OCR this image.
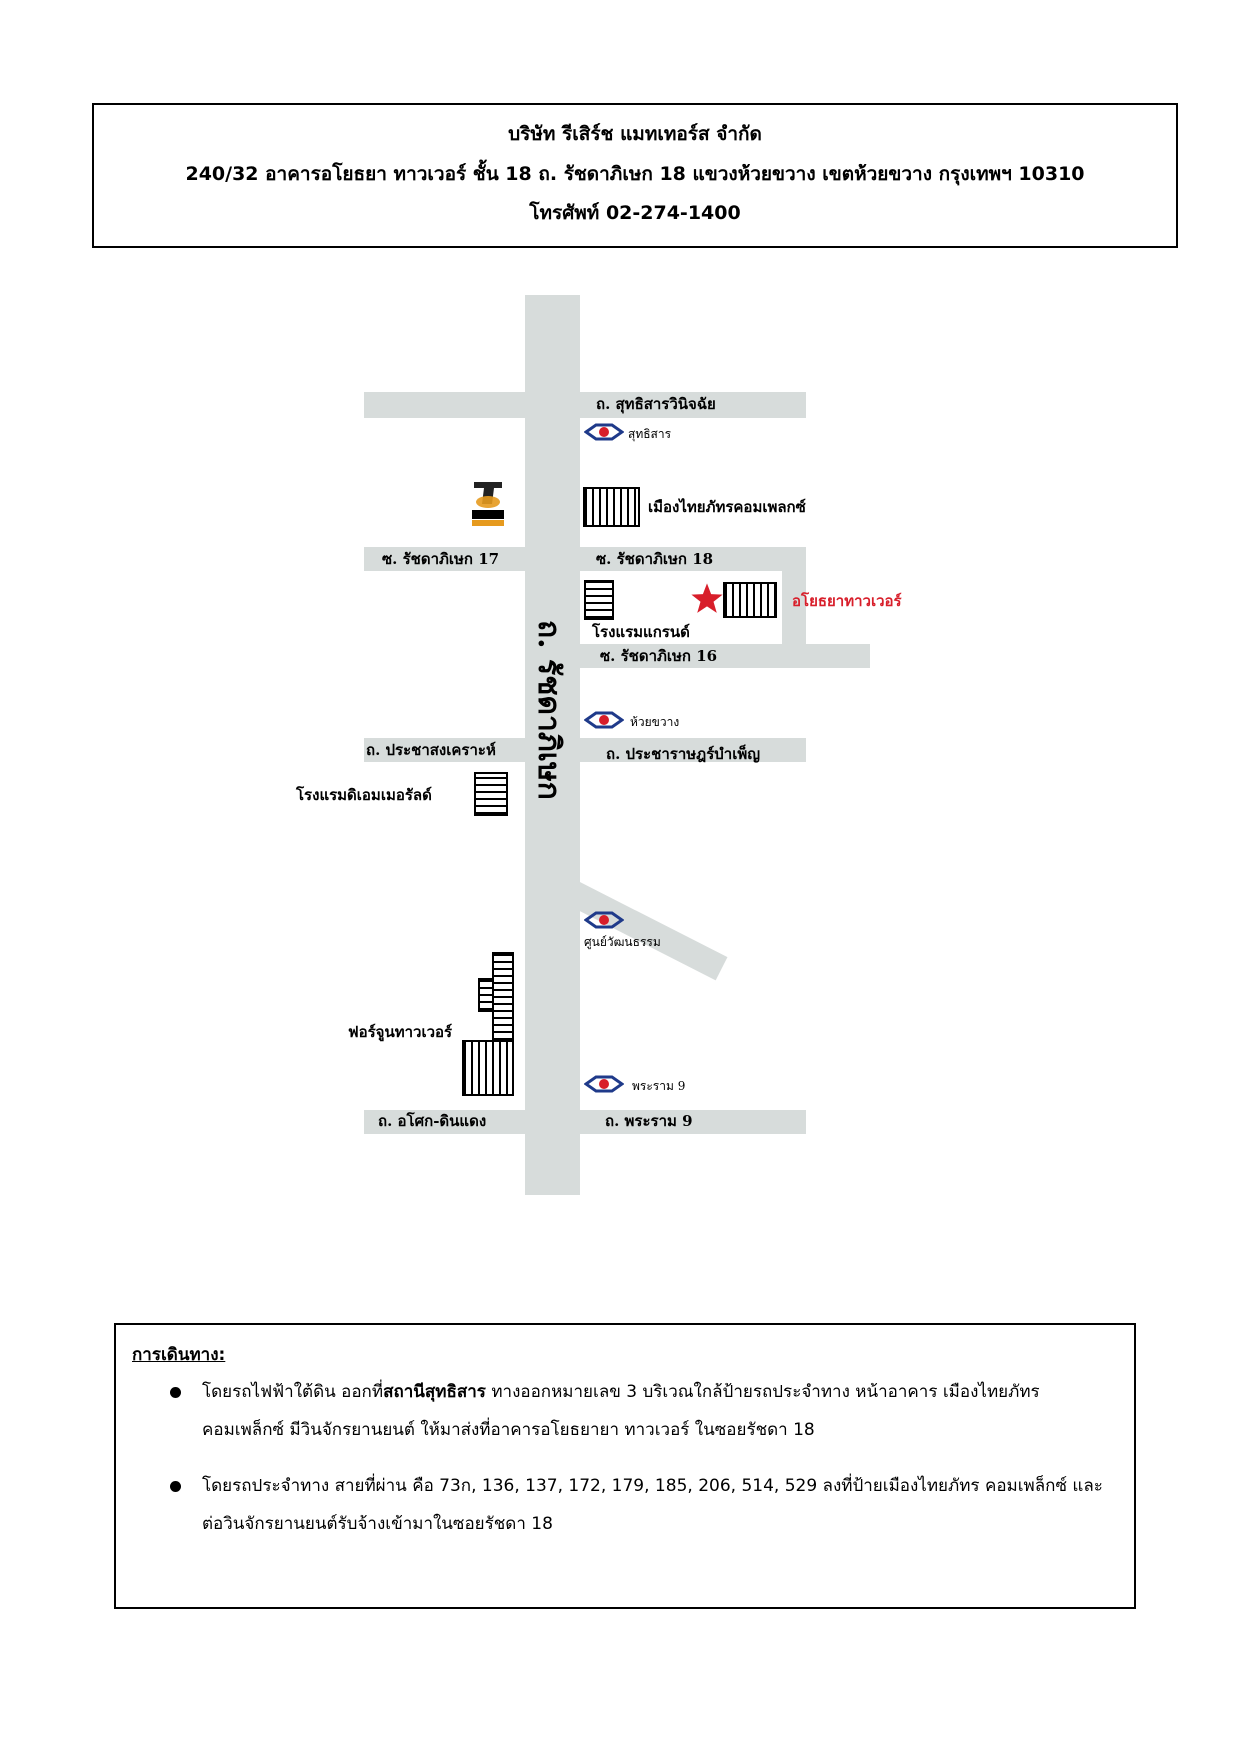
บริษัท รีเสิร์ช แมทเทอร์ส จำกัด
240/32 อาคารอโยธยา ทาวเวอร์ ชั้น 18 ถ. รัชดาภิเษก 18 แขวงห้วยขวาง เขตห้วยขวาง กรุงเทพฯ 10310
โทรศัพท์ 02-274-1400
ถ. รัชดาภิเษก
ถ. สุทธิสารวินิจฉัย
ซ. รัชดาภิเษก 17	ซ. รัชดาภิเษก 18
ซ. รัชดาภิเษก 16
ถ. ประชาสงเคราะห์	ถ. ประชาราษฎร์บำเพ็ญ
ถ. อโศก-ดินแดง	ถ. พระราม 9
สุทธิสาร
ห้วยขวาง
ศูนย์วัฒนธรรม
พระราม 9
เมืองไทยภัทรคอมเพลกซ์
โรงแรมแกรนด์
อโยธยาทาวเวอร์
โรงแรมดิเอมเมอรัลด์
ฟอร์จูนทาวเวอร์
การเดินทาง:
โดยรถไฟฟ้าใต้ดิน ออกที่สถานีสุทธิสาร ทางออกหมายเลข 3 บริเวณใกล้ป้ายรถประจำทาง หน้าอาคาร เมืองไทยภัทรคอมเพล็กซ์ มีวินจักรยานยนต์ ให้มาส่งที่อาคารอโยธยายา ทาวเวอร์ ในซอยรัชดา 18
โดยรถประจำทาง สายที่ผ่าน คือ 73ก, 136, 137, 172, 179, 185, 206, 514, 529 ลงที่ป้ายเมืองไทยภัทร คอมเพล็กซ์ และต่อวินจักรยานยนต์รับจ้างเข้ามาในซอยรัชดา 18
